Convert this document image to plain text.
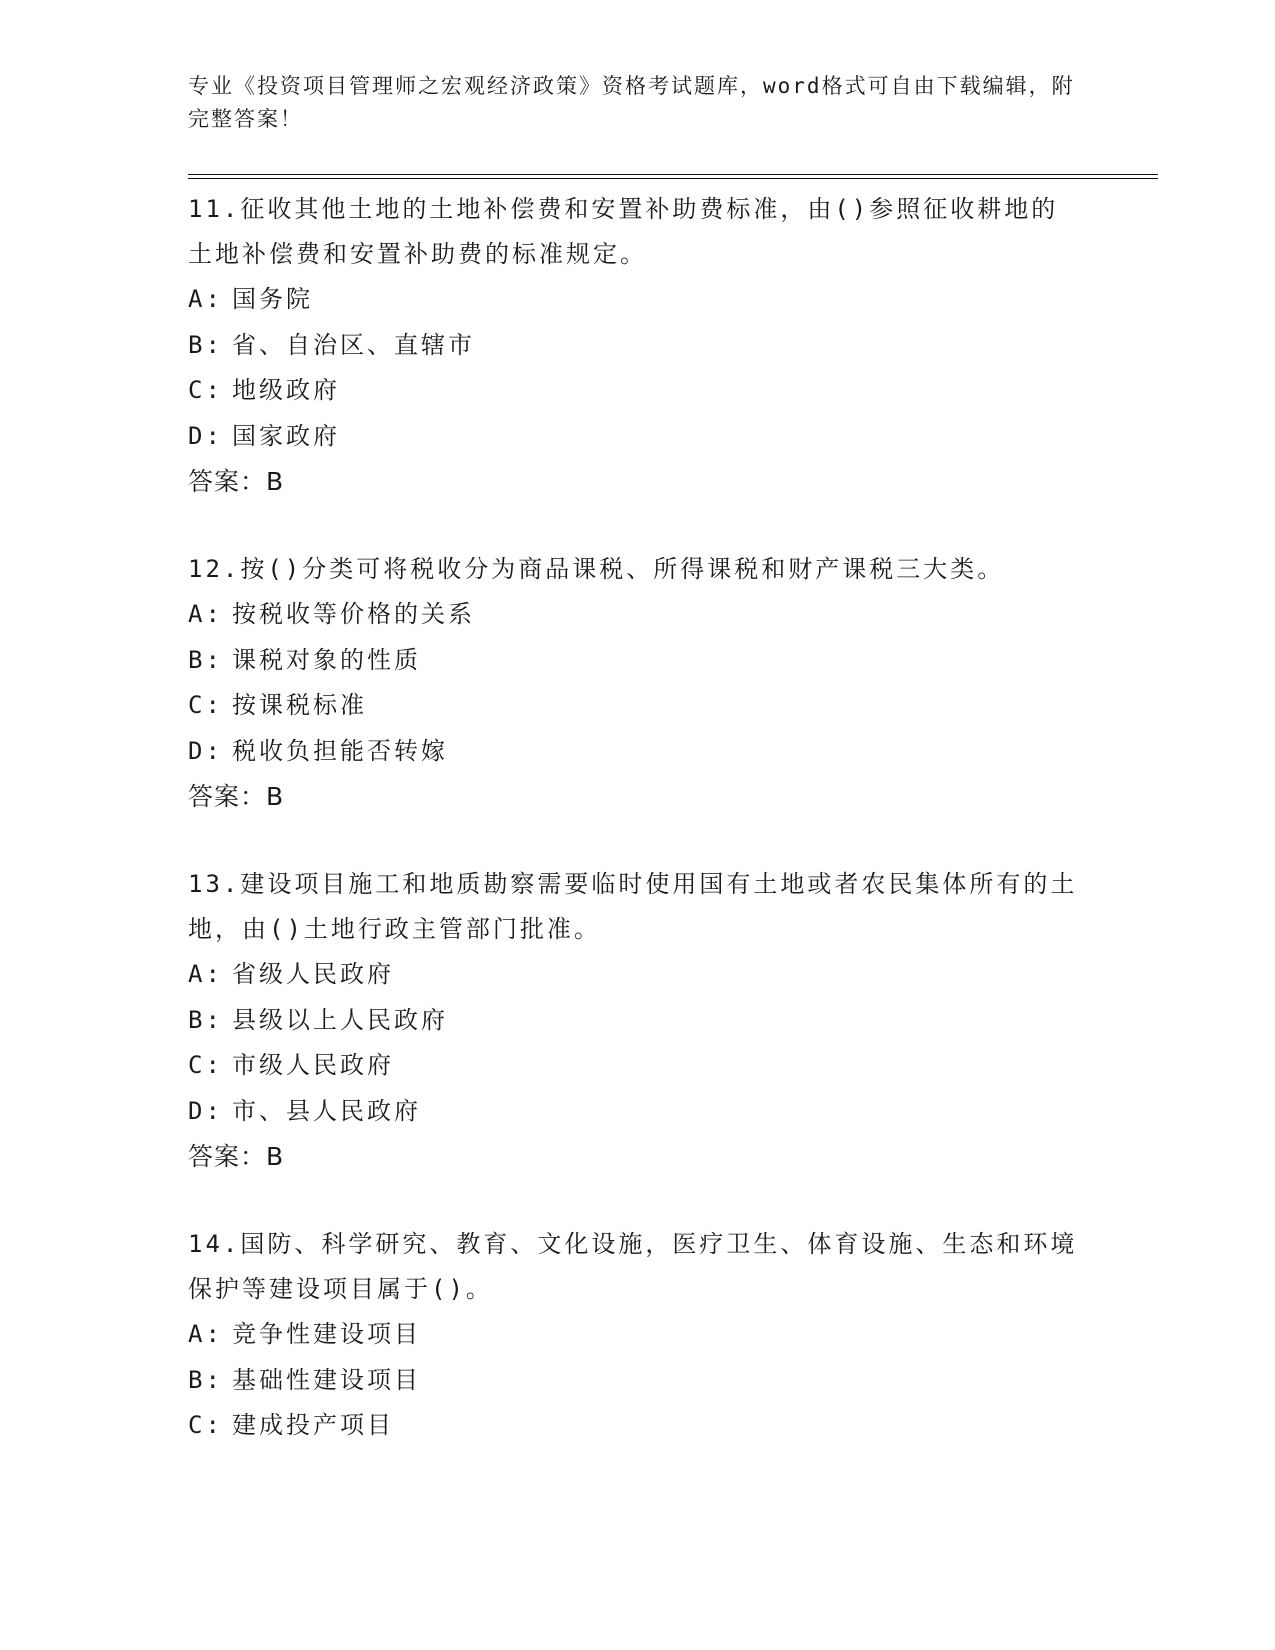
专业《投资项目管理师之宏观经济政策》资格考试题库，word格式可自由下载编辑，附完整答案！
11.征收其他土地的土地补偿费和安置补助费标准，由()参照征收耕地的土地补偿费和安置补助费的标准规定。
A: 国务院
B: 省、自治区、直辖市
C: 地级政府
D: 国家政府
答案：B
12.按()分类可将税收分为商品课税、所得课税和财产课税三大类。
A: 按税收等价格的关系
B: 课税对象的性质
C: 按课税标准
D: 税收负担能否转嫁
答案：B
13.建设项目施工和地质勘察需要临时使用国有土地或者农民集体所有的土地，由()土地行政主管部门批准。
A: 省级人民政府
B: 县级以上人民政府
C: 市级人民政府
D: 市、县人民政府
答案：B
14.国防、科学研究、教育、文化设施，医疗卫生、体育设施、生态和环境保护等建设项目属于()。
A: 竞争性建设项目
B: 基础性建设项目
C: 建成投产项目
